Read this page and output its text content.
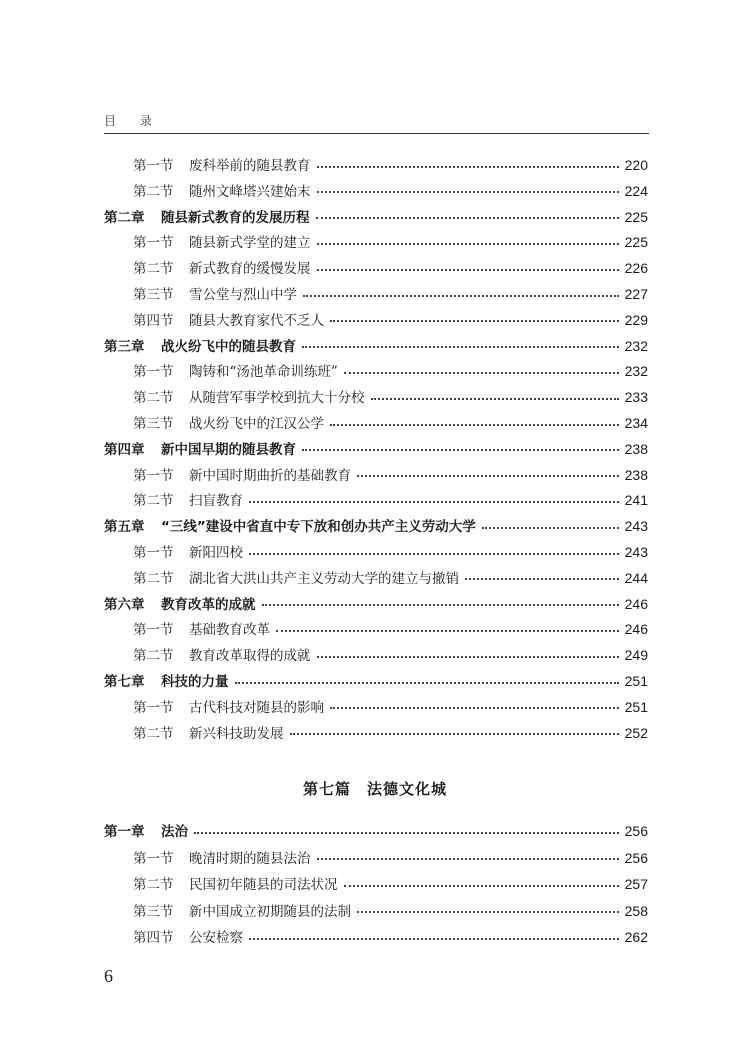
目 录
第一节	废科举前的随县教育	220
第二节	随州文峰塔兴建始末	224
第二章	随县新式教育的发展历程	225
第一节	随县新式学堂的建立	225
第二节	新式教育的缓慢发展	226
第三节	雪公堂与烈山中学	227
第四节	随县大教育家代不乏人	229
第三章	战火纷飞中的随县教育	232
第一节	陶铸和“汤池革命训练班”	232
第二节	从随营军事学校到抗大十分校	233
第三节	战火纷飞中的江汉公学	234
第四章	新中国早期的随县教育	238
第一节	新中国时期曲折的基础教育	238
第二节	扫盲教育	241
第五章	“三线”建设中省直中专下放和创办共产主义劳动大学	243
第一节	新阳四校	243
第二节	湖北省大洪山共产主义劳动大学的建立与撤销	244
第六章	教育改革的成就	246
第一节	基础教育改革	246
第二节	教育改革取得的成就	249
第七章	科技的力量	251
第一节	古代科技对随县的影响	251
第二节	新兴科技助发展	252
第七篇 法德文化城
第一章	法治	256
第一节	晚清时期的随县法治	256
第二节	民国初年随县的司法状况	257
第三节	新中国成立初期随县的法制	258
第四节	公安检察	262
6
